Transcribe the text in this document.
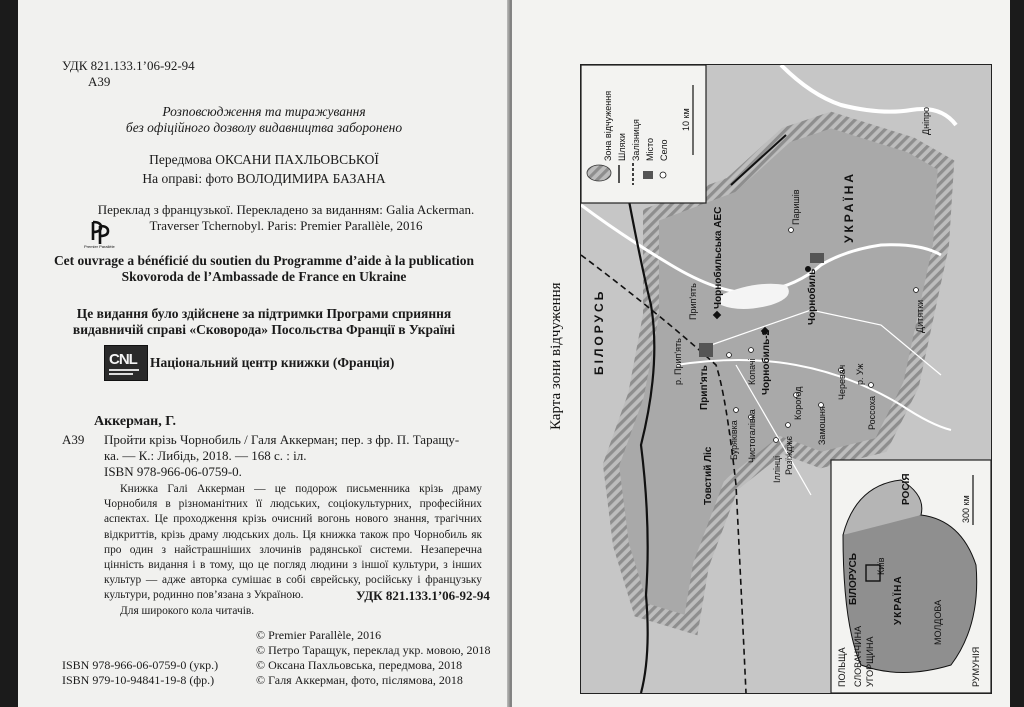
УДК 821.133.1’06-92-94
А39
Розповсюдження та тиражування
без офіційного дозволу видавництва заборонено
Передмова ОКСАНИ ПАХЛЬОВСЬКОЇ
На оправі: фото ВОЛОДИМИРА БАЗАНА
Переклад з французької. Перекладено за виданням: Galia Ackerman.
Traverser Tchernobyl. Paris: Premier Parallèle, 2016
Premier Parallèle
Cet ouvrage a bénéficié du soutien du Programme d’aide à la publication
Skovoroda de l’Ambassade de France en Ukraine
Це видання було здійснене за підтримки Програми сприяння
видавничій справі «Сковорода» Посольства Франції в Україні
CNL Національний центр книжки (Франція)
Аккерман, Г.
А39 Пройти крізь Чорнобиль / Галя Аккерман; пер. з фр. П. Таращу-
ка. — К.: Либідь, 2018. — 168 с. : іл.
ISBN 978-966-06-0759-0.

Книжка Галі Аккерман — це подорож письменника крізь драму Чорнобиля в різноманітних її людських, соціокультурних, професійних аспектах. Це проходження крізь очисний вогонь нового знання, трагічних відкриттів, крізь драму людських доль. Ця книжка також про Чорнобиль як про один з найстрашніших злочинів радянської системи. Незаперечна цінність видання і в тому, що це погляд людини з іншої культури, з інших культур — адже авторка сумішає в собі єврейську, російську і французьку культури, родинно пов’язана з Україною.

Для широкого кола читачів.

УДК 821.133.1’06-92-94
© Premier Parallèle, 2016
© Петро Таращук, переклад укр. мовою, 2018
© Оксана Пахльовська, передмова, 2018
© Галя Аккерман, фото, післямова, 2018
ISBN 978-966-06-0759-0 (укр.)
ISBN 979-10-94841-19-8 (фр.)
Карта зони відчуження
Зона відчуження Шляхи Залізниця Місто Село
10 км
БІЛОРУСЬ
УКРАЇНА
Дніпро
Прип'ять Чорнобильська АЕС
Чорнобиль-2
Чорнобиль
Прип'ять
Товстий Ліс
Паришів
Дитятки
Копачі
Буряківка Чистогалівка
Іллінці Розїжджє
Корогод
Замошня
Черевач
Россоха
р. Уж
р. Прип'ять
РОСІЯ
БІЛОРУСЬ	УКРАЇНА
Київ
МОЛДОВА
ПОЛЬЩА СЛОВАЧЧИНА УГОРЩИНА	РУМУНІЯ
300 км
